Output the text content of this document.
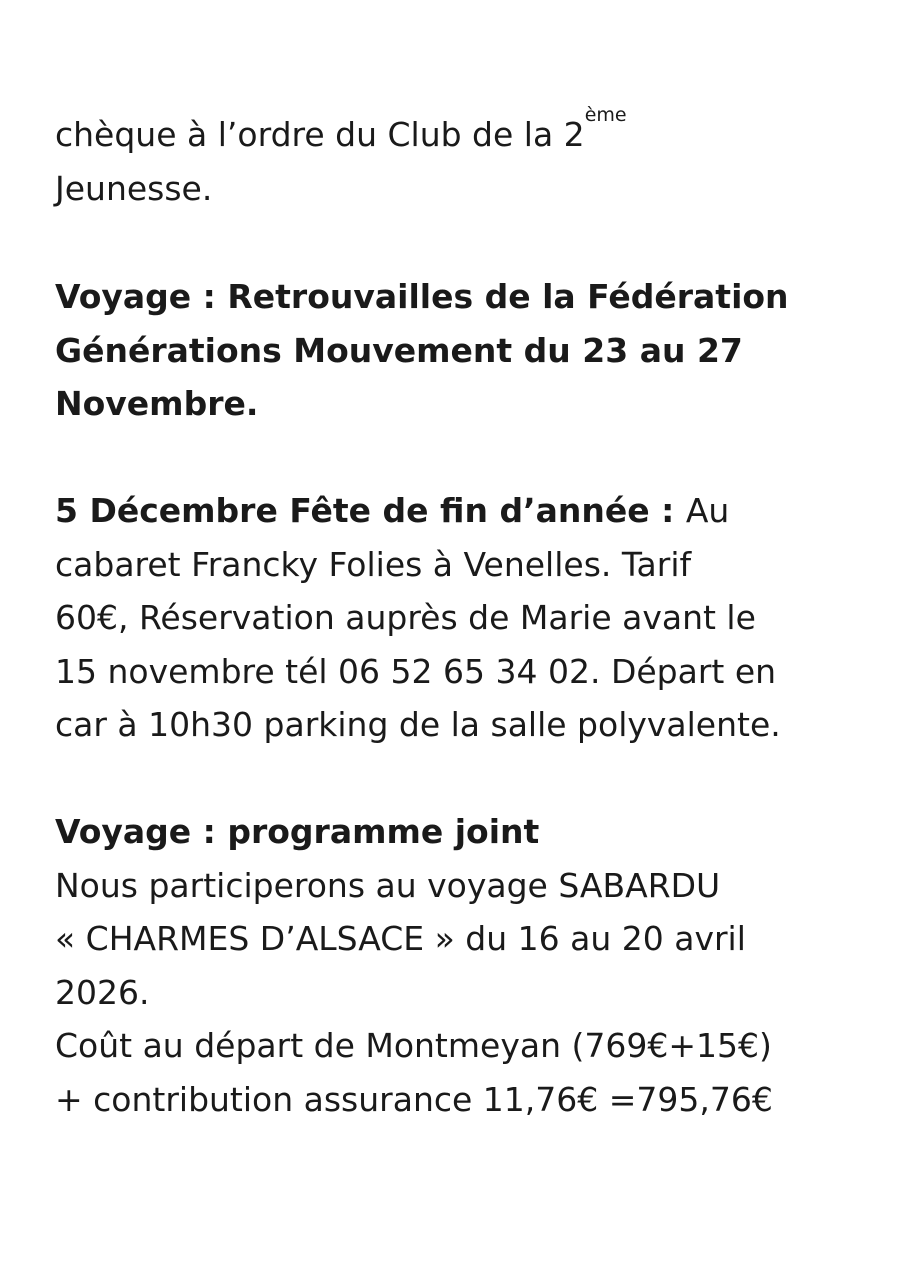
chèque à l’ordre du Club de la 2ème
Jeunesse.
Voyage : Retrouvailles de la Fédération
Générations Mouvement du 23 au 27
Novembre.
5 Décembre Fête de fin d’année : Au
cabaret Francky Folies à Venelles. Tarif
60€, Réservation auprès de Marie avant le
15 novembre tél 06 52 65 34 02. Départ en
car à 10h30 parking de la salle polyvalente.
Voyage : programme joint
Nous participerons au voyage SABARDU
« CHARMES D’ALSACE » du 16 au 20 avril
2026.
Coût au départ de Montmeyan (769€+15€)
+ contribution assurance 11,76€ =795,76€
